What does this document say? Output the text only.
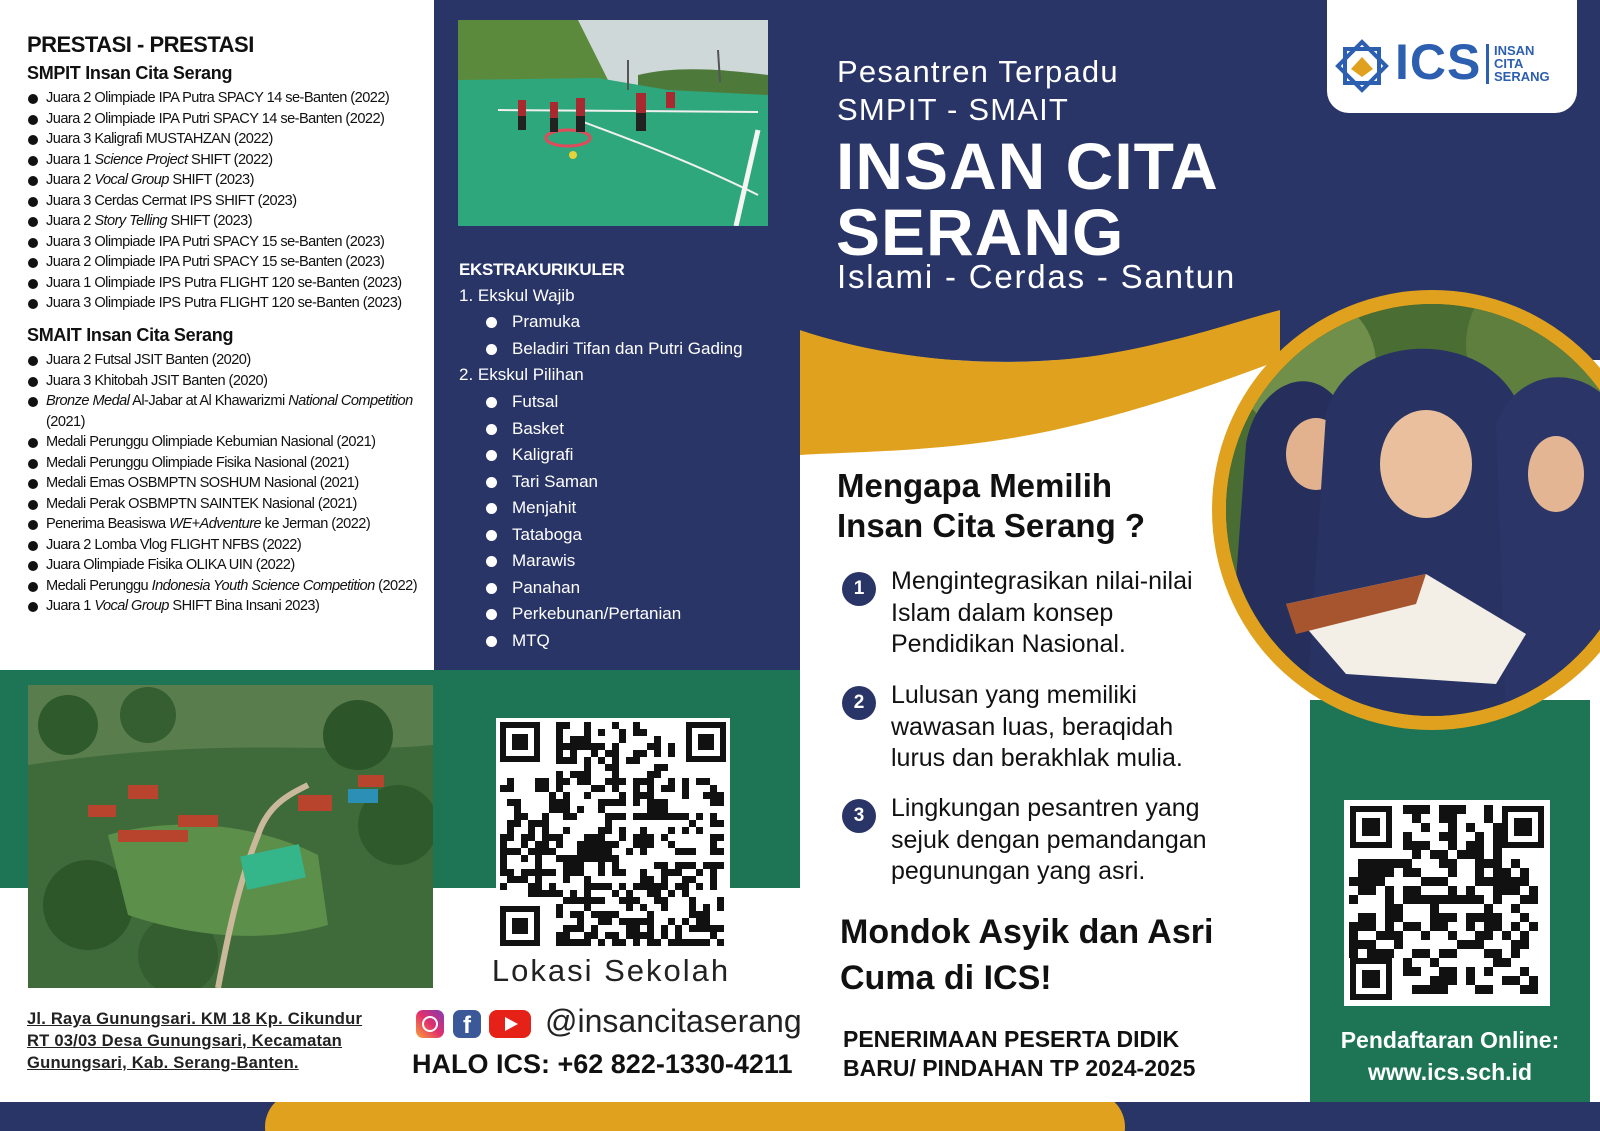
PRESTASI - PRESTASI
SMPIT Insan Cita Serang
Juara 2 Olimpiade IPA Putra SPACY 14 se-Banten (2022)
Juara 2 Olimpiade IPA Putri SPACY 14 se-Banten (2022)
Juara 3 Kaligrafi MUSTAHZAN (2022)
Juara 1 Science Project SHIFT (2022)
Juara 2 Vocal Group SHIFT (2023)
Juara 3 Cerdas Cermat IPS SHIFT (2023)
Juara 2 Story Telling SHIFT (2023)
Juara 3 Olimpiade IPA Putri SPACY 15 se-Banten (2023)
Juara 2 Olimpiade IPA Putri SPACY 15 se-Banten (2023)
Juara 1 Olimpiade IPS Putra FLIGHT 120 se-Banten (2023)
Juara 3 Olimpiade IPS Putra FLIGHT 120 se-Banten (2023)
SMAIT Insan Cita Serang
Juara 2 Futsal JSIT Banten (2020)
Juara 3 Khitobah JSIT Banten (2020)
Bronze Medal Al-Jabar at Al Khawarizmi National Competition (2021)
Medali Perunggu Olimpiade Kebumian Nasional (2021)
Medali Perunggu Olimpiade Fisika Nasional (2021)
Medali Emas OSBMPTN SOSHUM Nasional (2021)
Medali Perak OSBMPTN SAINTEK Nasional (2021)
Penerima Beasiswa WE+Adventure ke Jerman (2022)
Juara 2 Lomba Vlog FLIGHT NFBS (2022)
Juara Olimpiade Fisika OLIKA UIN (2022)
Medali Perunggu Indonesia Youth Science Competition (2022)
Juara 1 Vocal Group SHIFT Bina Insani 2023)
EKSTRAKURIKULER
1. Ekskul Wajib
Pramuka
Beladiri Tifan dan Putri Gading
2. Ekskul Pilihan
Futsal
Basket
Kaligrafi
Tari Saman
Menjahit
Tataboga
Marawis
Panahan
Perkebunan/Pertanian
MTQ
Lokasi Sekolah
Pesantren Terpadu
SMPIT - SMAIT
INSAN CITA
SERANG
Islami - Cerdas - Santun
ICS INSAN
CITA
SERANG
Mengapa Memilih
Insan Cita Serang ?
1	Mengintegrasikan nilai-nilai
Islam dalam konsep
Pendidikan Nasional.
2	Lulusan yang memiliki
wawasan luas, beraqidah
lurus dan berakhlak mulia.
3	Lingkungan pesantren yang
sejuk dengan pemandangan
pegunungan yang asri.
Mondok Asyik dan Asri
Cuma di ICS!
PENERIMAAN PESERTA DIDIK
BARU/ PINDAHAN TP 2024-2025
Pendaftaran Online:
www.ics.sch.id
Jl. Raya Gunungsari. KM 18 Kp. Cikundur
RT 03/03 Desa Gunungsari, Kecamatan
Gunungsari, Kab. Serang-Banten.
f	@insancitaserang
HALO ICS: +62 822-1330-4211
